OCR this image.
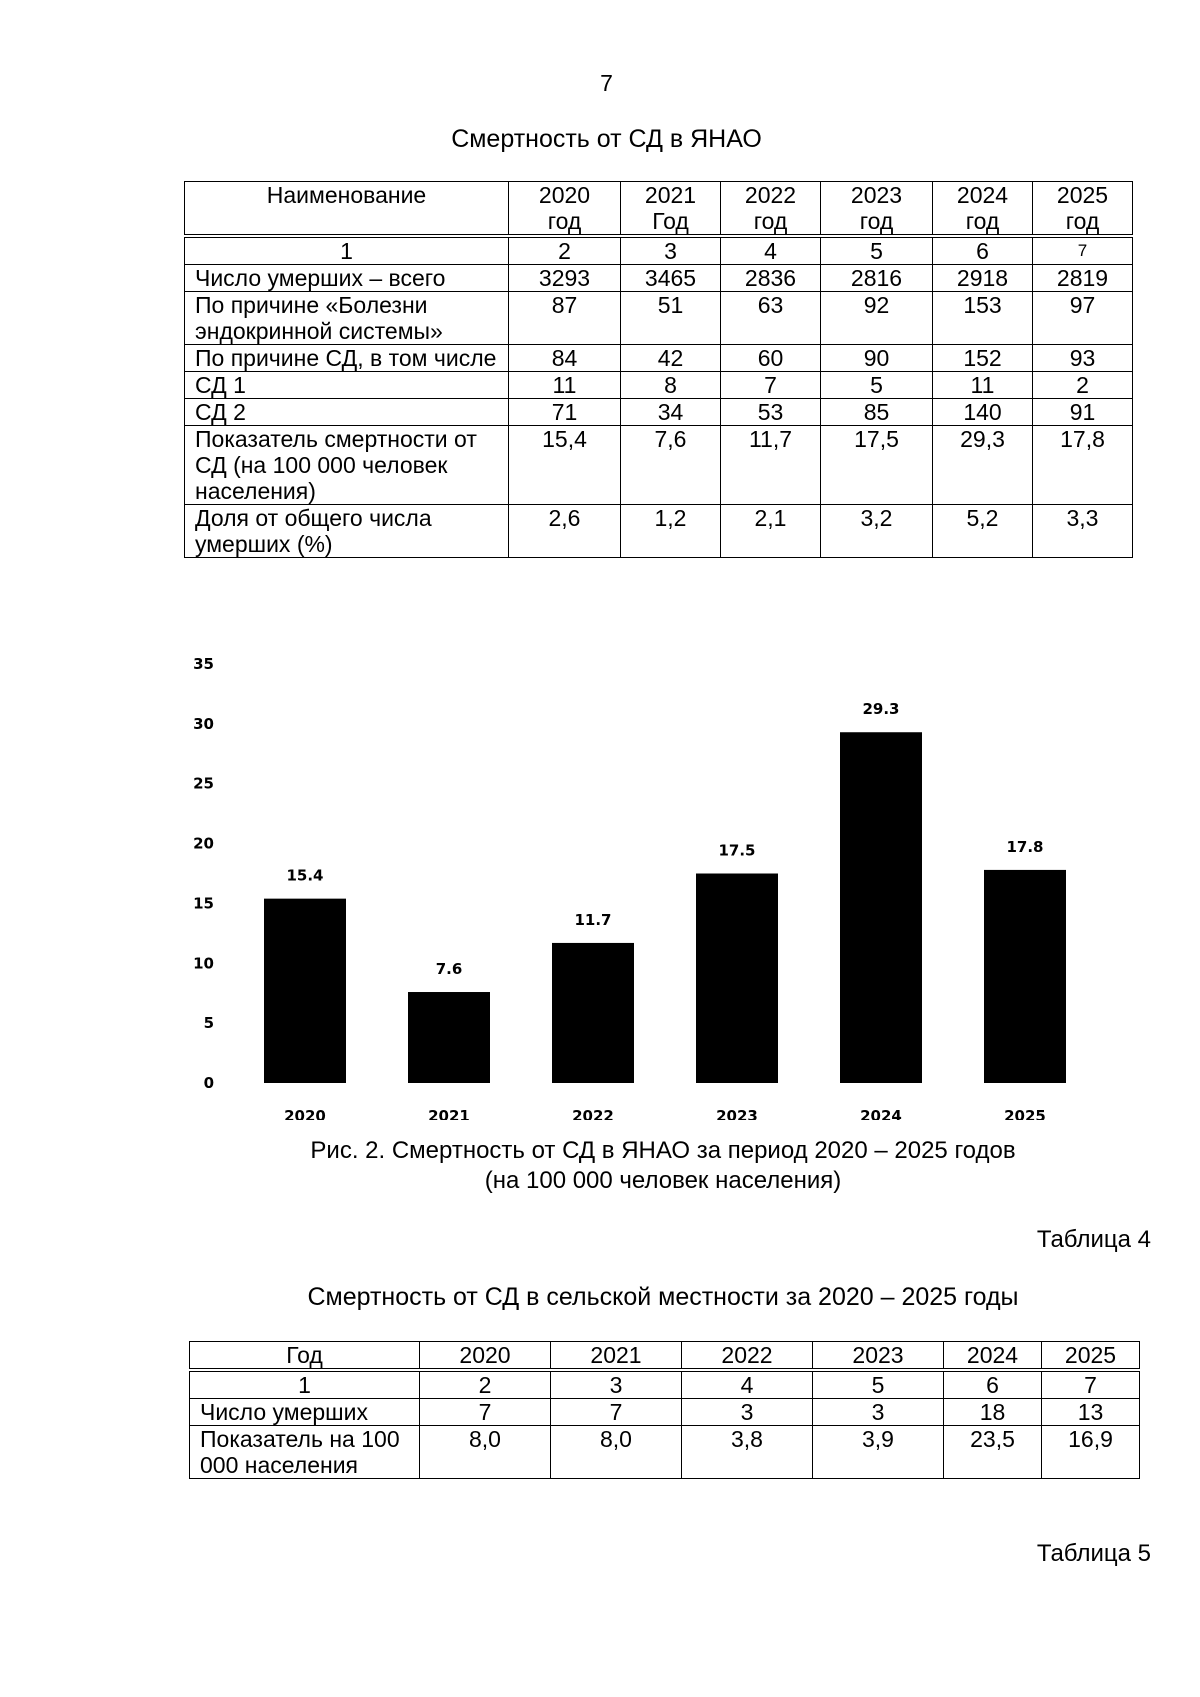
7
Смертность от СД в ЯНАО
Наименование	2020 год	2021 Год	2022 год	2023 год	2024 год	2025 год

1	2	3	4	5	6	7
Число умерших – всего	3293	3465	2836	2816	2918	2819
По причине «Болезни эндокринной системы»	87	51	63	92	153	97
По причине СД, в том числе	84	42	60	90	152	93
СД 1	11	8	7	5	11	2
СД 2	71	34	53	85	140	91
Показатель смертности от СД (на 100 000 человек населения)	15,4	7,6	11,7	17,5	29,3	17,8
Доля от общего числа умерших (%)	2,6	1,2	2,1	3,2	5,2	3,3
0
5
10
15
20
25
30
35
15.4
7.6
11.7
17.5
29.3
17.8
2020	2021	2022	2023	2024	2025
Рис. 2. Смертность от СД в ЯНАО за период 2020 – 2025 годов
(на 100 000 человек населения)
Таблица 4
Смертность от СД в сельской местности за 2020 – 2025 годы
Год	2020	2021	2022	2023	2024	2025

1	2	3	4	5	6	7
Число умерших	7	7	3	3	18	13
Показатель на 100 000 населения	8,0	8,0	3,8	3,9	23,5	16,9
Таблица 5
